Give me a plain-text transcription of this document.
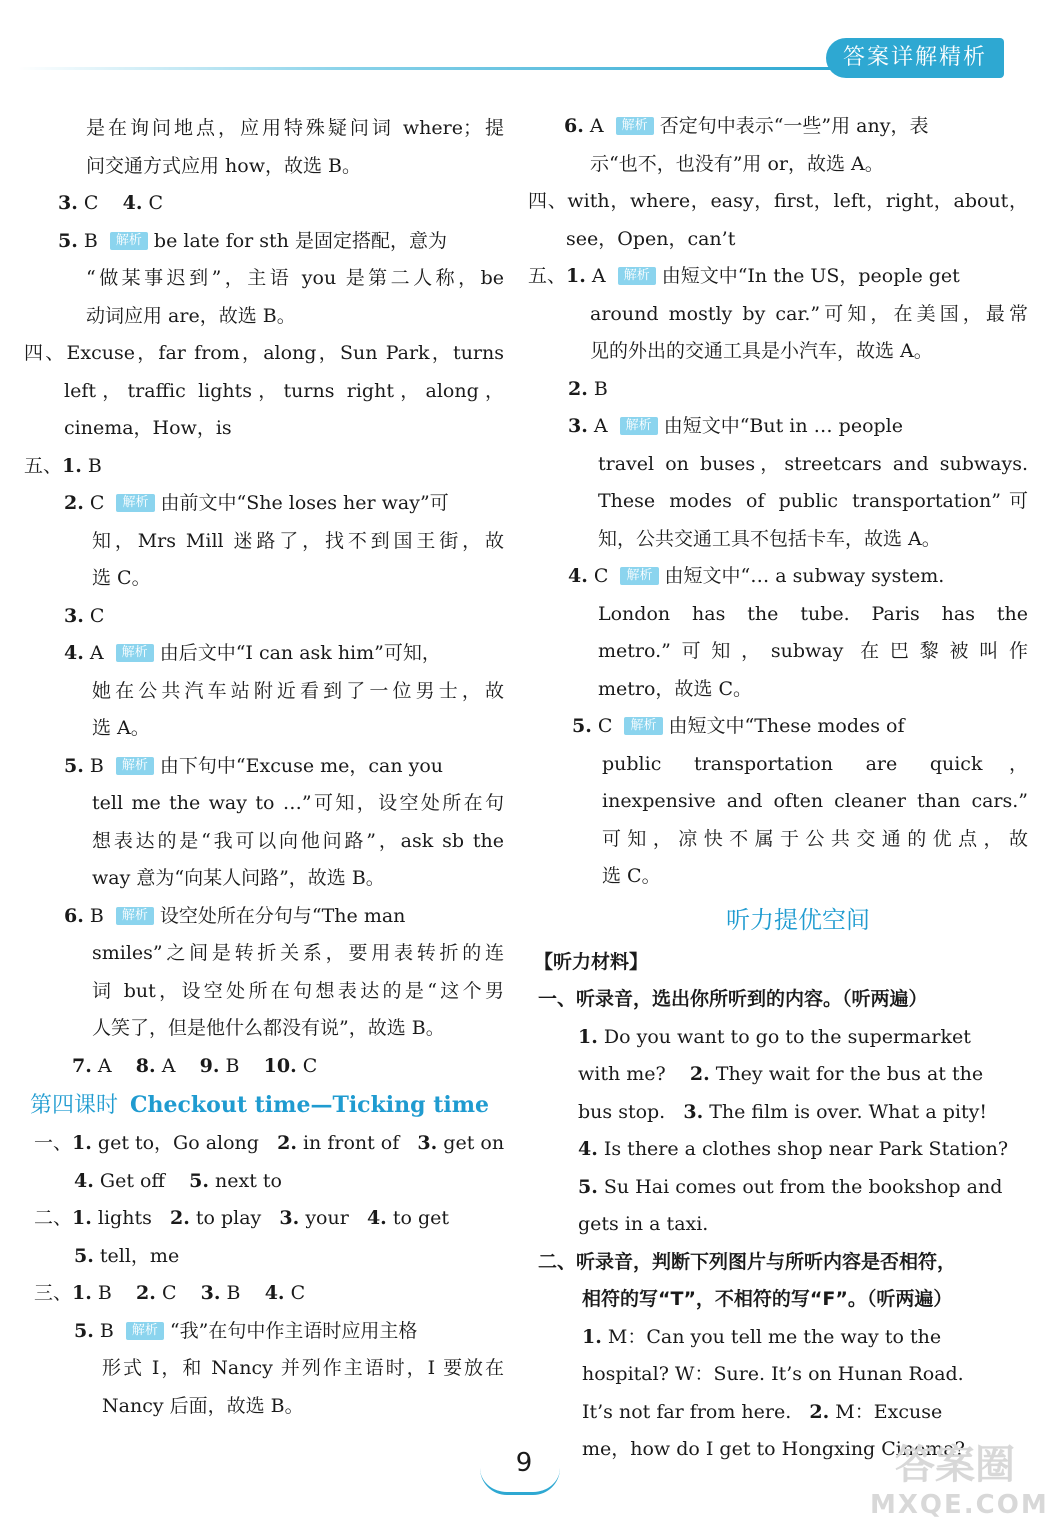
答案详解精析
是在询问地点，应用特殊疑问词 where；提
问交通方式应用 how，故选 B。
3. C 4. C
5. B 解析 be late for sth 是固定搭配，意为
“做某事迟到”，主语 you 是第二人称，be
动词应用 are，故选 B。
四、Excuse，far from，along，Sun Park，turns
left，traffic lights，turns right，along，
cinema，How，is
五、1. B
2. C 解析 由前文中“She loses her way”可
知，Mrs Mill 迷路了，找不到国王街，故
选 C。
3. C
4. A 解析 由后文中“I can ask him”可知，
她在公共汽车站附近看到了一位男士，故
选 A。
5. B 解析 由下句中“Excuse me，can you
tell me the way to …”可知，设空处所在句
想表达的是“我可以向他问路”，ask sb the
way 意为“向某人问路”，故选 B。
6. B 解析 设空处所在分句与“The man
smiles”之间是转折关系，要用表转折的连
词 but，设空处所在句想表达的是“这个男
人笑了，但是他什么都没有说”，故选 B。
7. A 8. A 9. B 10. C
第四课时 Checkout time—Ticking time
一、1. get to，Go along 2. in front of 3. get on
4. Get off 5. next to
二、1. lights 2. to play 3. your 4. to get
5. tell，me
三、1. B 2. C 3. B 4. C
5. B 解析 “我”在句中作主语时应用主格
形式 I，和 Nancy 并列作主语时，I 要放在
Nancy 后面，故选 B。
6. A 解析 否定句中表示“一些”用 any，表
示“也不，也没有”用 or，故选 A。
四、with，where，easy，first，left，right，about，
see，Open，can’t
五、1. A 解析 由短文中“In the US，people get
around mostly by car.”可知，在美国，最常
见的外出的交通工具是小汽车，故选 A。
2. B
3. A 解析 由短文中“But in … people
travel on buses，streetcars and subways.
These modes of public transportation”可
知，公共交通工具不包括卡车，故选 A。
4. C 解析 由短文中“… a subway system.
London has the tube. Paris has the
metro.”可知，subway 在巴黎被叫作
metro，故选 C。
5. C 解析 由短文中“These modes of
public transportation are quick，
inexpensive and often cleaner than cars.”
可知，凉快不属于公共交通的优点，故
选 C。
听力提优空间
【听力材料】
一、听录音，选出你所听到的内容。（听两遍）
1. Do you want to go to the supermarket
with me? 2. They wait for the bus at the
bus stop. 3. The film is over. What a pity!
4. Is there a clothes shop near Park Station?
5. Su Hai comes out from the bookshop and
gets in a taxi.
二、听录音，判断下列图片与所听内容是否相符，
相符的写“T”，不相符的写“F”。（听两遍）
1. M：Can you tell me the way to the
hospital? W：Sure. It’s on Hunan Road.
It’s not far from here. 2. M：Excuse
me，how do I get to Hongxing Cinema?
9	答案圈
MXQE.COM
